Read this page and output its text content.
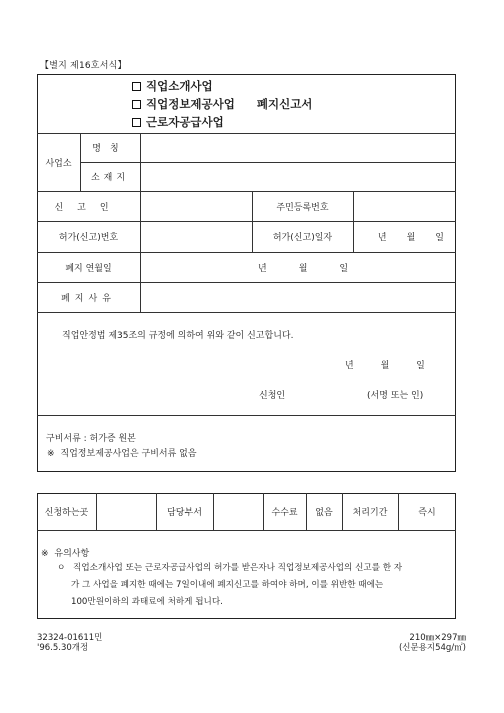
【별지 제16호서식】
직업소개사업
직업정보제공사업 폐지신고서
근로자공급사업
사업소
명칭
소재지
신고인	주민등록번호
허가(신고)번호	허가(신고)일자	년 월 일
폐지 연월일	년	월	일
폐지사유
직업안정법 제35조의 규정에 의하여 위와 같이 신고합니다.
년	월	일
신청인	(서명 또는 인)
구비서류 : 허가증 원본
※ 직업정보제공사업은 구비서류 없음
신청하는곳	담당부서	수수료	없음	처리기간	즉시
※ 유의사항
ㅇ 직업소개사업 또는 근로자공급사업의 허가를 받은자나 직업정보제공사업의 신고를 한 자
가 그 사업을 폐지한 때에는 7일이내에 폐지신고를 하여야 하며, 이를 위반한 때에는
100만원이하의 과태료에 처하게 됩니다.
32324-01611민
'96.5.30개정
210㎜×297㎜
(신문용지54g/㎡)
